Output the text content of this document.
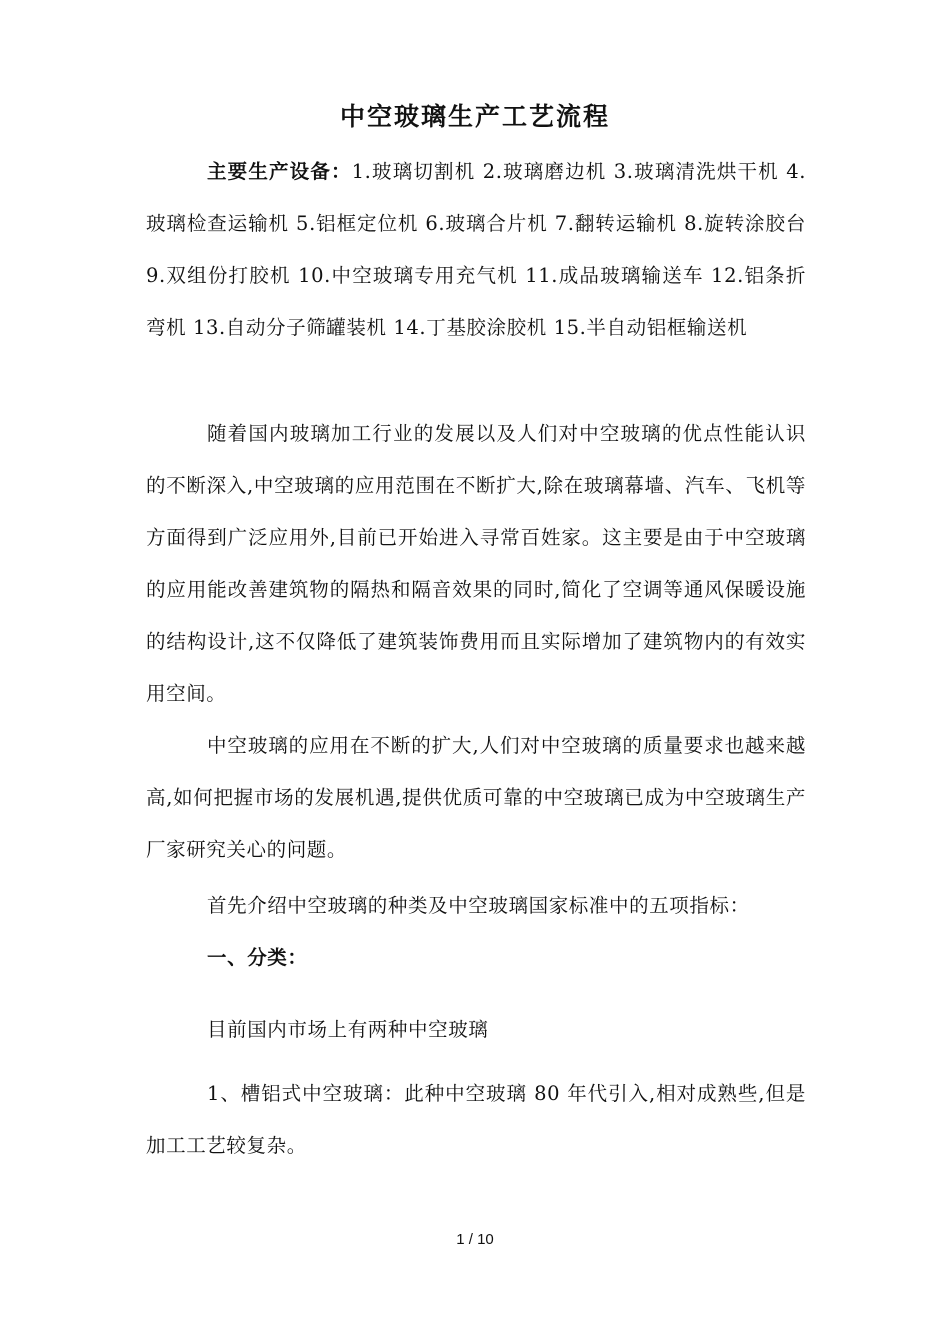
中空玻璃生产工艺流程

主要生产设备：1.玻璃切割机 2.玻璃磨边机 3.玻璃清洗烘干机 4.玻璃检查运输机 5.铝框定位机 6.玻璃合片机 7.翻转运输机 8.旋转涂胶台 9.双组份打胶机 10.中空玻璃专用充气机 11.成品玻璃输送车 12.铝条折弯机 13.自动分子筛罐装机 14.丁基胶涂胶机 15.半自动铝框输送机

随着国内玻璃加工行业的发展以及人们对中空玻璃的优点性能认识的不断深入,中空玻璃的应用范围在不断扩大,除在玻璃幕墙、汽车、飞机等方面得到广泛应用外,目前已开始进入寻常百姓家。这主要是由于中空玻璃的应用能改善建筑物的隔热和隔音效果的同时,简化了空调等通风保暖设施的结构设计,这不仅降低了建筑装饰费用而且实际增加了建筑物内的有效实用空间。

中空玻璃的应用在不断的扩大,人们对中空玻璃的质量要求也越来越高,如何把握市场的发展机遇,提供优质可靠的中空玻璃已成为中空玻璃生产厂家研究关心的问题。

首先介绍中空玻璃的种类及中空玻璃国家标准中的五项指标：

一、分类：

目前国内市场上有两种中空玻璃

1、槽铝式中空玻璃：此种中空玻璃 80 年代引入,相对成熟些,但是加工工艺较复杂。

1 / 10
